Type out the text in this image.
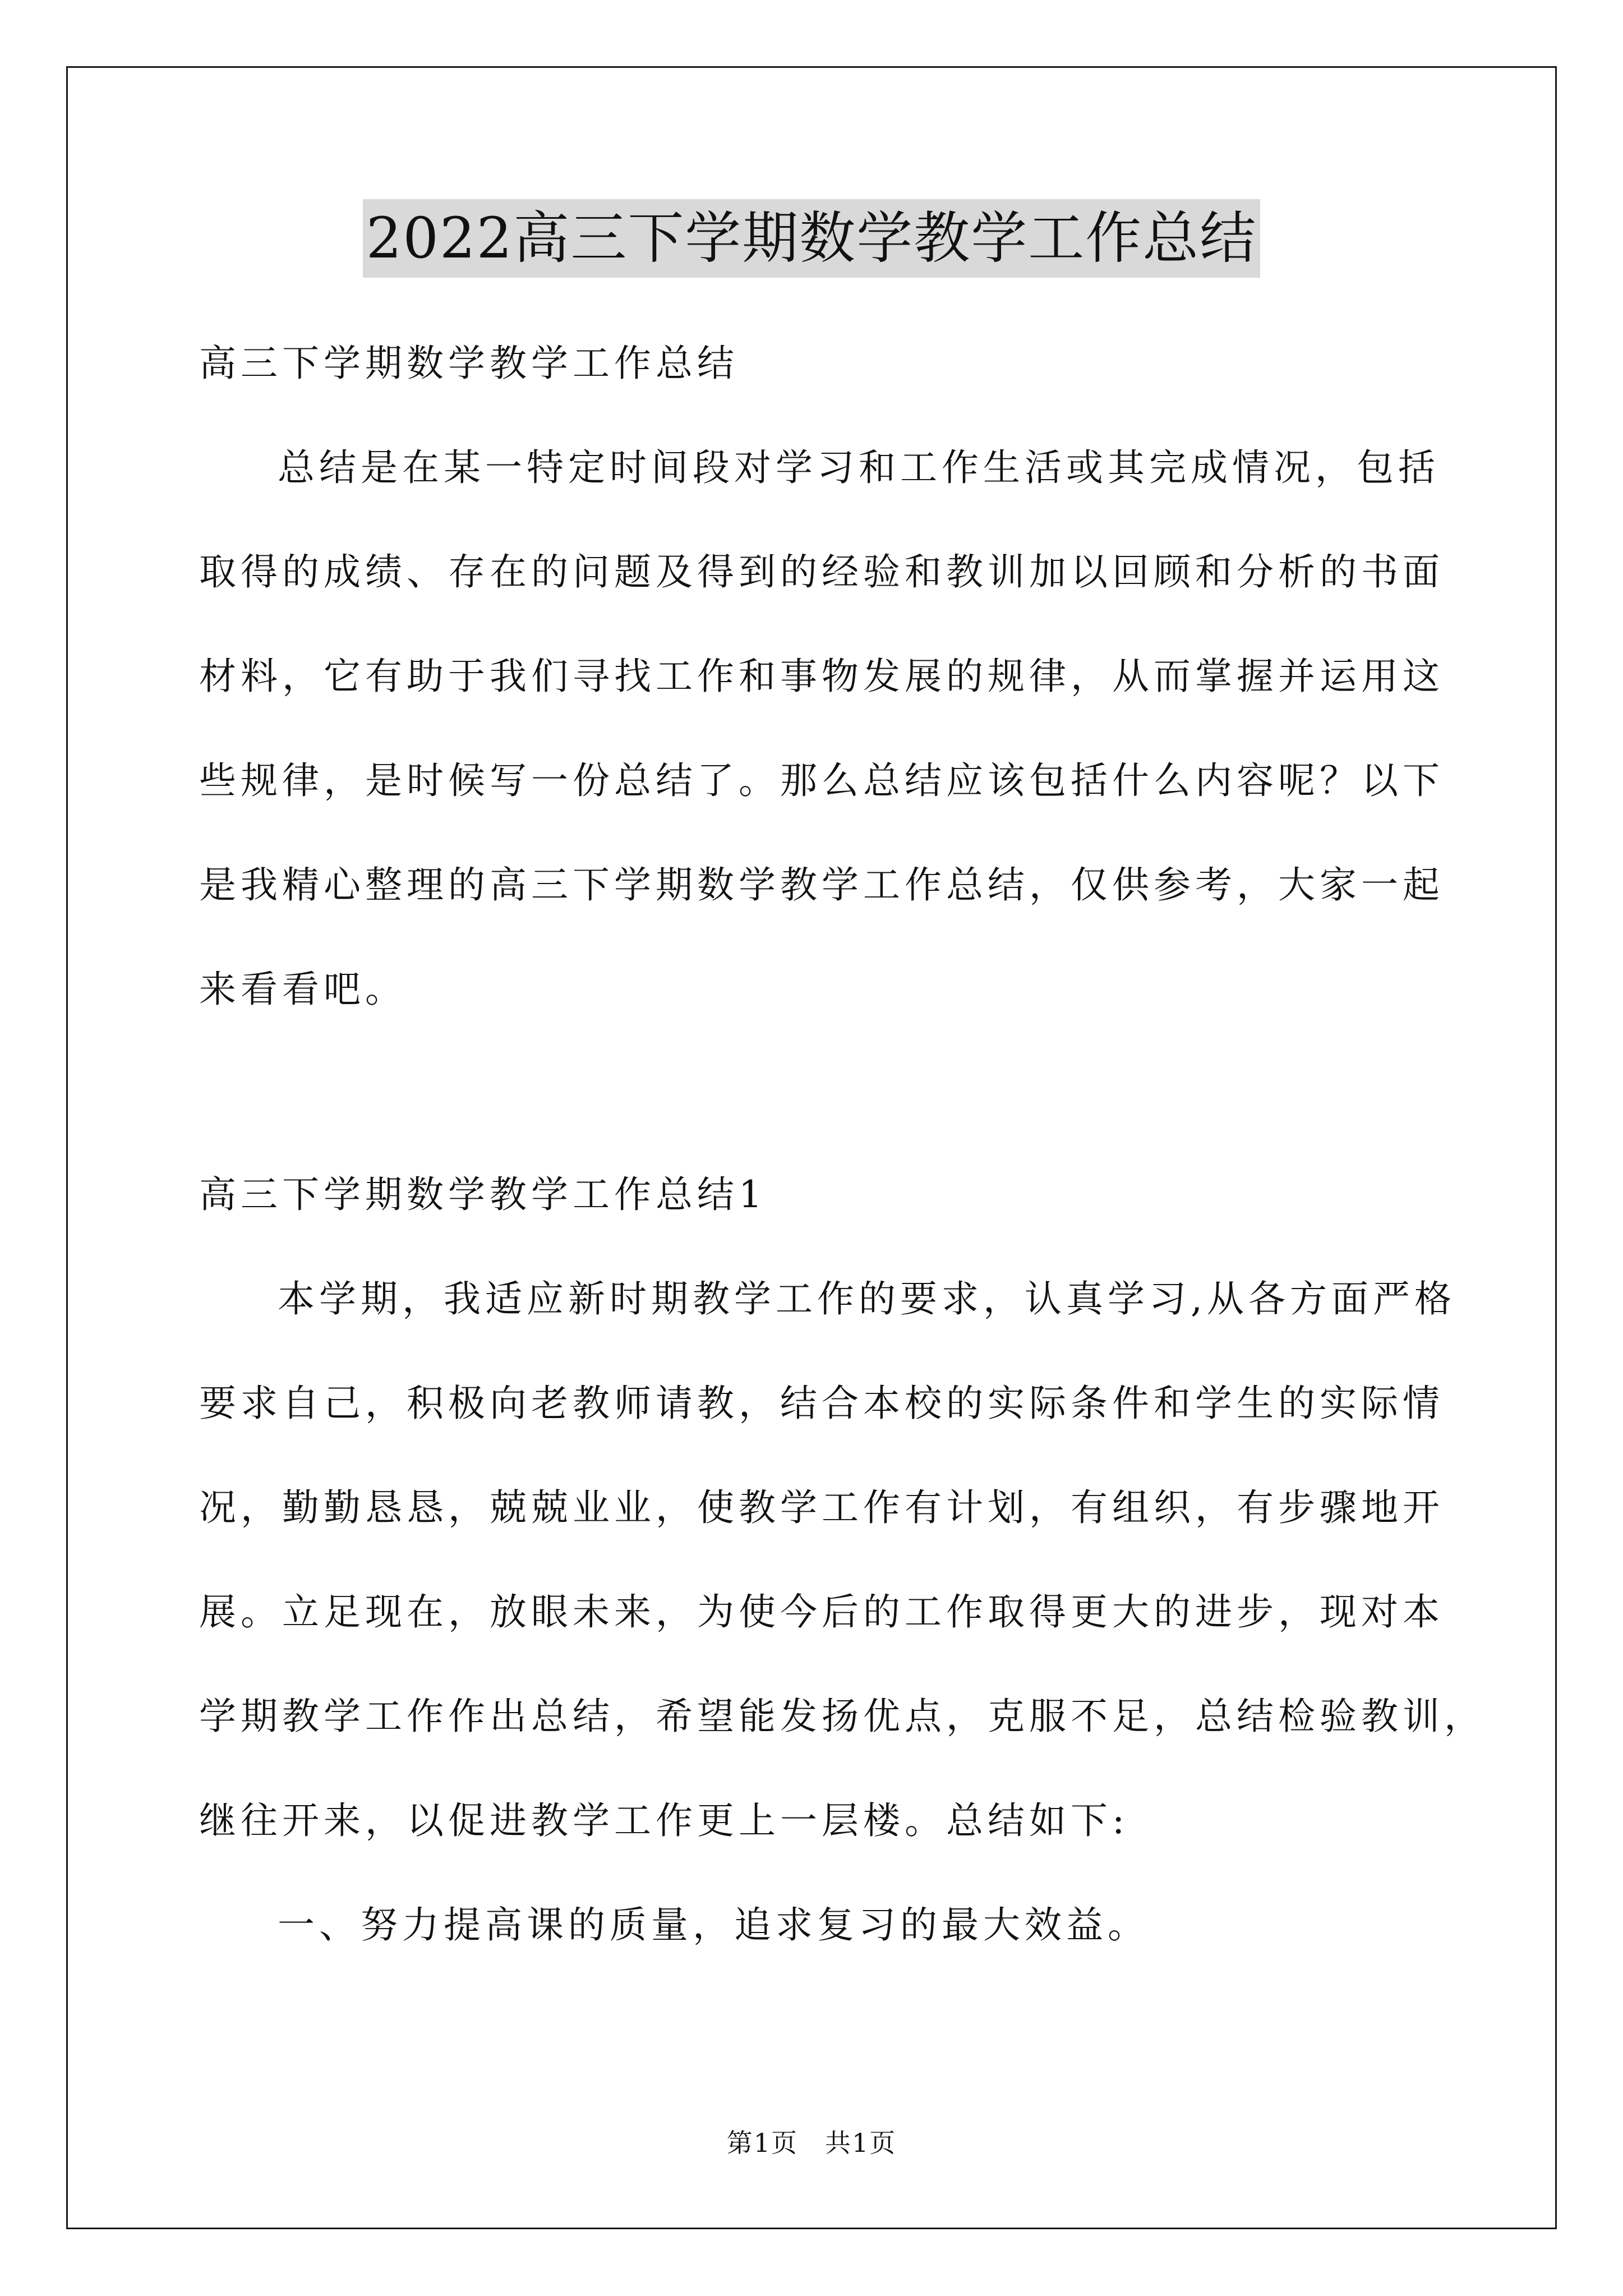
2022高三下学期数学教学工作总结
高三下学期数学教学工作总结
总结是在某一特定时间段对学习和工作生活或其完成情况，包括
取得的成绩、存在的问题及得到的经验和教训加以回顾和分析的书面
材料，它有助于我们寻找工作和事物发展的规律，从而掌握并运用这
些规律，是时候写一份总结了。那么总结应该包括什么内容呢？以下
是我精心整理的高三下学期数学教学工作总结，仅供参考，大家一起
来看看吧。
高三下学期数学教学工作总结1
本学期，我适应新时期教学工作的要求，认真学习,从各方面严格
要求自己，积极向老教师请教，结合本校的实际条件和学生的实际情
况，勤勤恳恳，兢兢业业，使教学工作有计划，有组织，有步骤地开
展。立足现在，放眼未来，为使今后的工作取得更大的进步，现对本
学期教学工作作出总结，希望能发扬优点，克服不足，总结检验教训，
继往开来，以促进教学工作更上一层楼。总结如下:
一、努力提高课的质量，追求复习的最大效益。
第1页　共1页
